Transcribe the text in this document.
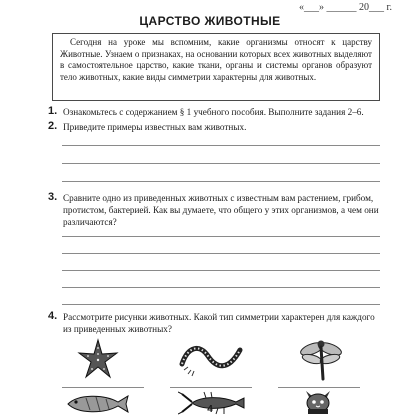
«___» ______ 20___ г.
ЦАРСТВО ЖИВОТНЫЕ
Сегодня на уроке мы вспомним, какие организмы относят к царству Животные. Узнаем о признаках, на основании которых всех животных выделяют в самостоятельное царство, какие ткани, органы и системы органов образуют тело животных, какие виды симметрии характерны для животных.
1. Ознакомьтесь с содержанием § 1 учебного пособия. Выполните задания 2–6.
2. Приведите примеры известных вам животных.
3. Сравните одно из приведенных животных с известным вам растением, грибом, протистом, бактерией. Как вы думаете, что общего у этих организмов, а чем они различаются?
4. Рассмотрите рисунки животных. Какой тип симметрии характерен для каждого из приведенных животных?
4
